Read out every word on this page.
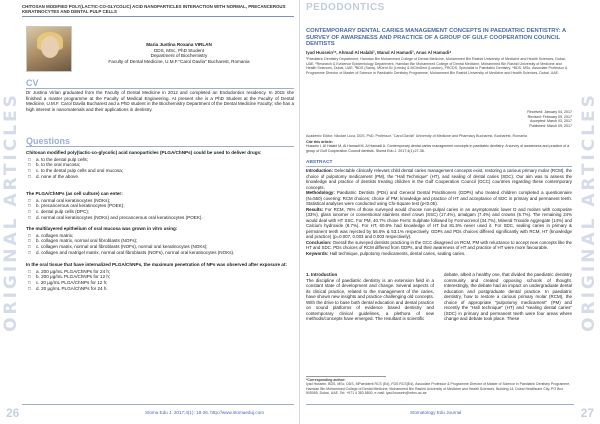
ORIGINAL ARTICLES
CHITOSAN MODIFIED POLY(LACTIC-CO-GLYCOLIC) ACID NANOPARTICLES INTERACTION WITH NORMAL, PRECANCEROUS KERATINOCYTES AND DENTAL PULP CELLS
Maria Justina Roxana VIRLAN
DDS, MSc, PhD Student
Department of Biochemistry
Faculty of Dental Medicine, U.M.F."Carol Davila" Bucharest, Romania
CV
Dr Justina Virlan graduated from the Faculty of Dental Medicine in 2012 and completed an Endodontics residency. In 2015 she finished a master programme at the Faculty of Medical Engineering. At present she is a PhD Student at the Faculty of Dental Medicine, U.M.F. Carol Davila Bucharest and a PhD student in the Biochemistry Department of the Dental Medicine Faculty; she has a high interest in nanomaterials and their applications in dentistry.
Questions
Chitosan modified poly(lactic-co-glycolic) acid nanoparticles (PLGA/ChNPs) could be used to deliver drugs:
□ a. to the dental pulp cells;
□ b. to the oral mucosa;
□ c. to the dental pulp cells and oral mucosa;
□ d. none of the above.
The PLGA/ChNPs (as cell culture) can enter:
□ a. normal oral keratinocytes (NOKs);
□ b. precancerous oral keratinocytes (POEK);
□ c. dental pulp cells (DPC);
□ d. normal oral keratinocytes (NOKs) and precancerous oral keratinocytes (POEK).
The multilayered epithelium of oral mucosa was grown in vitro using:
□ a. collagen matrix;
□ b. collagen matrix, normal oral fibroblasts (NOFs);
□ c. collagen matrix, normal oral fibroblasts (NOFs), normal oral keratinocytes (NOKs);
□ d. collagen and matrigel matrix, normal oral fibroblasts (NOFs), normal oral keratinocytes (NOKs).
In the oral tissue that have internalized PLGA/ChNPs, the maximum penetration of NPs was observed after exposure at:
□ a. 200 μg/mL PLGA/ChNPs for 24 h;
□ b. 200 μg/mL PLGA/ChNPs for 12 h;
□ c. 20 μg/mL PLGA/ChNPs for 12 h;
□ d. 20 μg/mL PLGA/ChNPs for 24 h.
26	Stoma Edu J. 2017;4(1): 18-26. http://www.stomaeduj.com
ORIGINAL ARTICLES
PEDODONTICS
CONTEMPORARY DENTAL CARIES MANAGEMENT CONCEPTS IN PAEDIATRIC DENTISTRY: A SURVEY OF AWARENESS AND PRACTICE OF A GROUP OF GULF COOPERATION COUNCIL DENTISTS
Iyad Hussein¹*, Ahmad Al Halabi², Manal Al Hamadi³, Anas Al Hamadi⁴
¹Paediatric Dentistry Department, Hamdan Bin Mohammed College of Dental Medicine, Mohammed Bin Rashid University of Medicine and Health Sciences, Dubai, UAE. ²Research & Evidence Epidemiology Department, Hamdan Bin Mohammed College of Dental Medicine, Mohammed Bin Rashid University of Medicine and Health Sciences, Dubai, UAE. ³BDS (Sana), MDent.Sc (Leeds) & MClinDent (London), FRCDS, Specialist in Paediatric Dentistry. ⁴BDS, MSc, Associate Professor & Programme Director of Master of Science in Paediatric Dentistry Programme, Mohammed Bin Rashid University of Medicine and Health Sciences, Dubai, UAE.
Received: January 04, 2017
Revised: February 09, 2017
Accepted: March 03, 2017
Published: March 09, 2017
Academic Editor: Nicolae Luca, DDS, PhD, Professor, "Carol Davila" University of Medicine and Pharmacy Bucharest, Bucharest, Romania
Cite this article:
Hussein I, Al Halabi M, Al Hamadi M, Al Hamadi A. Contemporary dental caries management concepts in paediatric dentistry: A survey of awareness and practice of a group of Gulf Cooperation Council dentists. Stoma Edu J. 2017;4(1):27-36.
ABSTRACT

Introduction: Delectable clinically relevant child dental caries management concepts exist, restoring a carious primary molar (RCM), the choice of pulpotomy medicament (PM), the "Hall Technique" (HT), and sealing of dental caries (SDC). Our aim was to assess the knowledge and practice of dentists treating children in the Gulf Cooperation Council (GCC) countries regarding these contemporary concepts.

Methodology: Paediatric Dentists (PDs) and General Dental Practitioners (GDPs) who treated children completed a questionnaire (N=550) covering: RCM choices; choice of PM; knowledge and practice of HT and acceptance of SDC in primary and permanent teeth. Statistical analyses were conducted using Chi-Square test (p<0.05).

Results: For RCM, 76% of those surveyed would choose non-pulpal caries in an asymptomatic lower D and molars with composite (33%), glass ionomer or conventional stainless steel crown (SSC) (17.4%), amalgam (7.4%) and crowns (5.7%). The remaining 24% would deal with HT SSC. For PM, 40.7% chose Ferric Sulphate followed by Formocresol (34.7%), Mineral Trioxide Aggregate (14%) and Calcium hydroxide (8.7%). For HT, 60.6% had knowledge of HT but 81.5% never used it. For SDC, sealing caries in primary & permanent teeth was rejected by 56.6% & 53.1% respectively. GDPs and PDs choices differed significantly with RCM, HT (knowledge and practice) (p=0.007, 0.003 and 0.003 respectively).

Conclusion: Overall the surveyed dentists practicing in the GCC disagreed on RCM, PM with reluctance to accept new concepts like the HT and SDC. PDs choices of RCM differed from GDPs, and their awareness of HT and practice of HT were more favourable.

Keywords: Hall technique, pulpotomy medicaments, dental caries, sealing caries.

1. Introduction
The discipline of paediatric dentistry is an extension field in a constant state of development and change. Several aspects of its clinical practice, related to the management of the caries, have shown new insights and practice challenging old concepts. With the drive to base both dental education and dental practice on sound platforms of evidence based dentistry and contemporary clinical guidelines, a plethora of new methods/concepts have emerged. The resultant is scientific
debate, albeit a healthy one, that divided the paediatric dentistry community and created opposing schools of thought. Interestingly, the debate had an impact on undergraduate dental education and postgraduate dental practice. In paediatric dentistry, how to restore a carious primary molar (RCM), the choice of appropriate "pulpotomy medicament" (PM) and recently the "Hall technique" (HT) and "sealing dental caries" (SDC) in primary and permanent teeth were four areas where change and debate took place. These
*Corresponding author:
Iyad Hussein, BDS, MSc, DDS, MPaeddent RCS (Ed), FDS RCS(Ed), Associate Professor & Programme Director of Master of Science in Paediatric Dentistry Programme, Hamdan Bin Mohammed College of Dental Medicine, Mohammed Bin Rashid University of Medicine and Health Sciences, Building 14, Dubai Healthcare City, PO Box 505055, Dubai, UAE. Tel: +971 4 383 8800, e-mail: iyad.hussein@mbru.ac.ae
Stomatology Edu Journal	27
